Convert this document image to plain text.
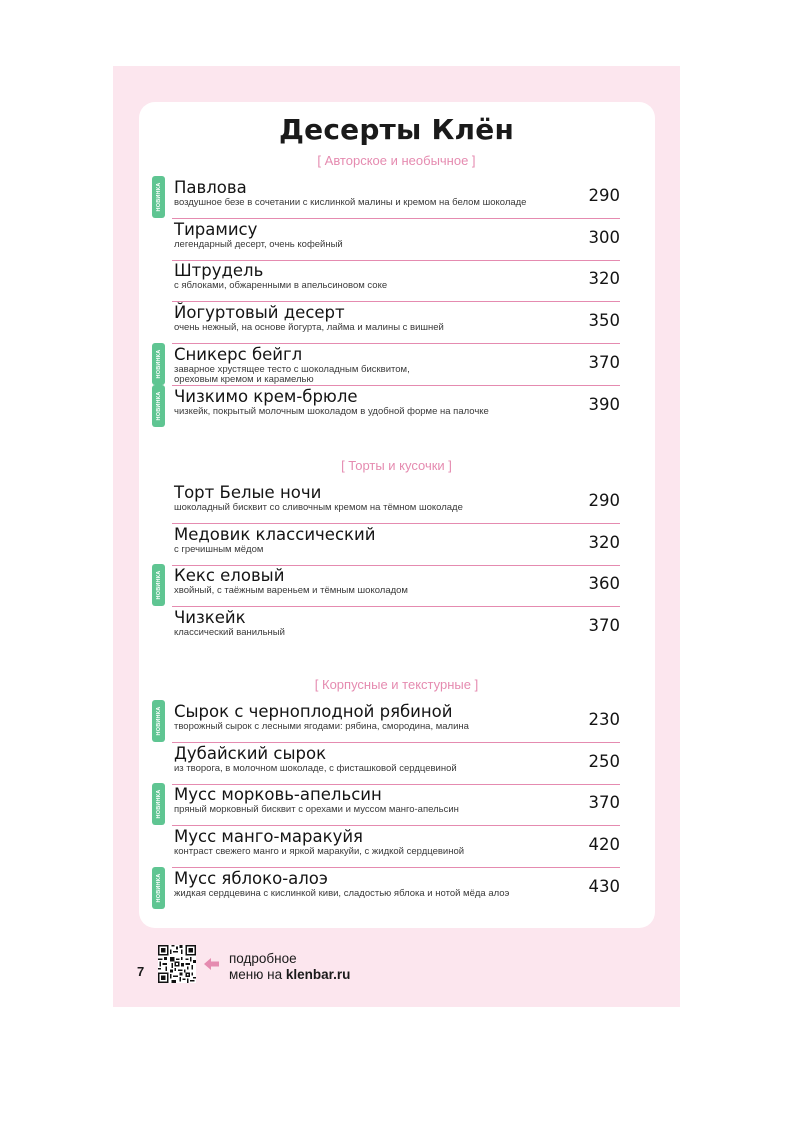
Десерты Клён
[ Авторское и необычное ]
Павлова
воздушное безе в сочетании с кислинкой малины и кремом на белом шоколаде	290
НОВИНКА
Тирамису
легендарный десерт, очень кофейный	300
Штрудель
с яблоками, обжаренными в апельсиновом соке	320
Йогуртовый десерт
очень нежный, на основе йогурта, лайма и малины с вишней	350
Сникерс бейгл
заварное хрустящее тесто с шоколадным бисквитом,
ореховым кремом и карамелью
370
НОВИНКА
Чизкимо крем-брюле
чизкейк, покрытый молочным шоколадом в удобной форме на палочке	390
НОВИНКА
[ Торты и кусочки ]
Торт Белые ночи
шоколадный бисквит со сливочным кремом на тёмном шоколаде	290
Медовик классический
с гречишным мёдом	320
Кекс еловый
хвойный, с таёжным вареньем и тёмным шоколадом	360
НОВИНКА
Чизкейк
классический ванильный	370
[ Корпусные и текстурные ]
Сырок с черноплодной рябиной
творожный сырок с лесными ягодами: рябина, смородина, малина	230
НОВИНКА
Дубайский сырок
из творога, в молочном шоколаде, с фисташковой сердцевиной	250
Мусс морковь-апельсин
пряный морковный бисквит с орехами и муссом манго-апельсин	370
НОВИНКА
Мусс манго-маракуйя
контраст свежего манго и яркой маракуйи, с жидкой сердцевиной	420
Мусс яблоко-алоэ
жидкая сердцевина с кислинкой киви, сладостью яблока и нотой мёда алоэ	430
НОВИНКА
7
подробное
меню на klenbar.ru
